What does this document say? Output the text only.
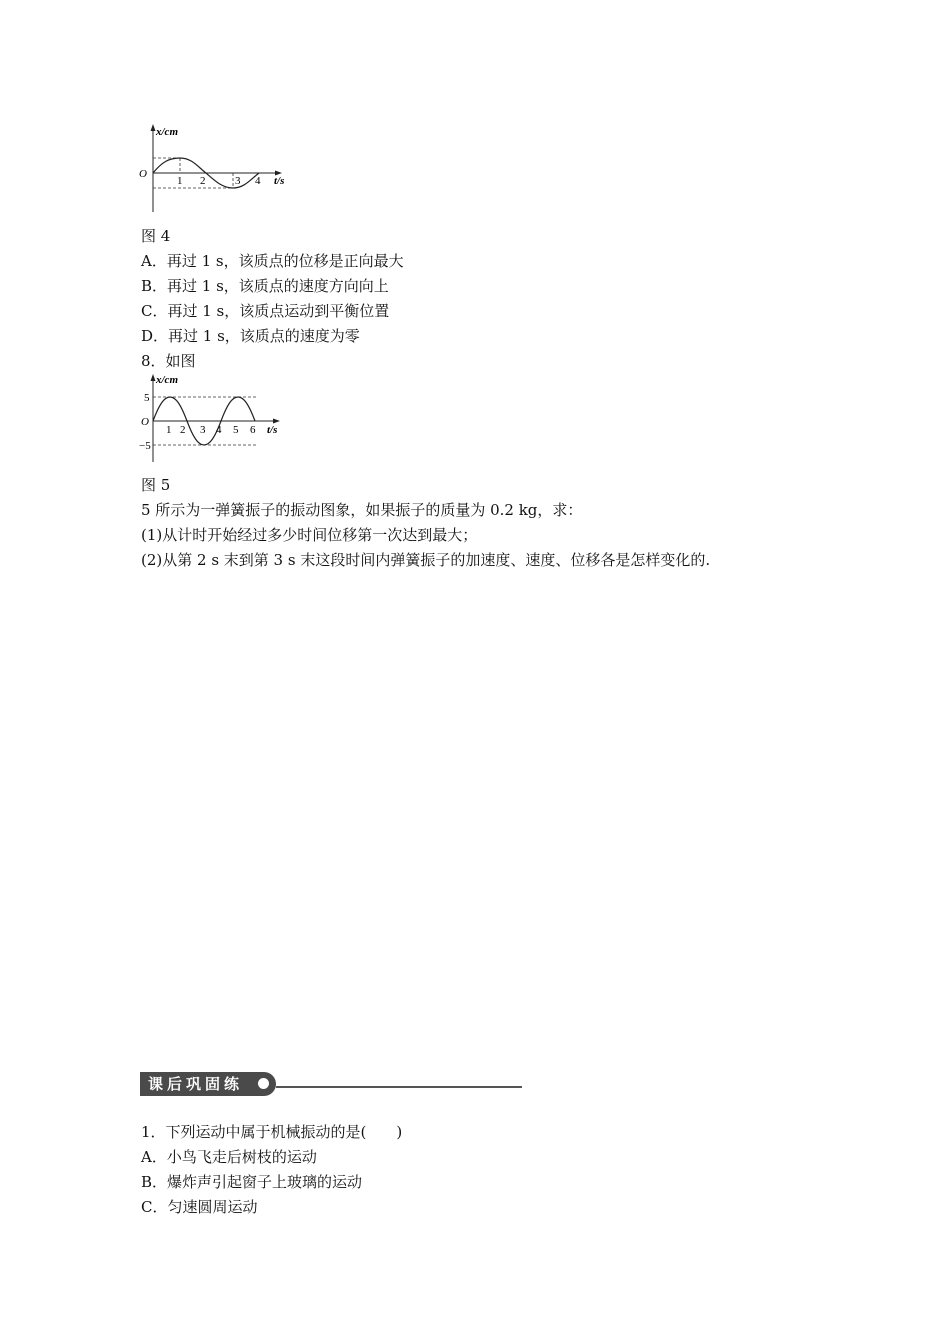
x/cm
O
t/s
1 2	3 4
图 4
A．再过 1 s，该质点的位移是正向最大
B．再过 1 s，该质点的速度方向向上
C．再过 1 s，该质点运动到平衡位置
D．再过 1 s，该质点的速度为零
8．如图
x/cm
5
O
−5
t/s
1 2 3 4 5 6
图 5
5 所示为一弹簧振子的振动图象，如果振子的质量为 0.2 kg，求：
(1)从计时开始经过多少时间位移第一次达到最大；
(2)从第 2 s 末到第 3 s 末这段时间内弹簧振子的加速度、速度、位移各是怎样变化的.
课后巩固练
1．下列运动中属于机械振动的是(　　)
A．小鸟飞走后树枝的运动
B．爆炸声引起窗子上玻璃的运动
C．匀速圆周运动
